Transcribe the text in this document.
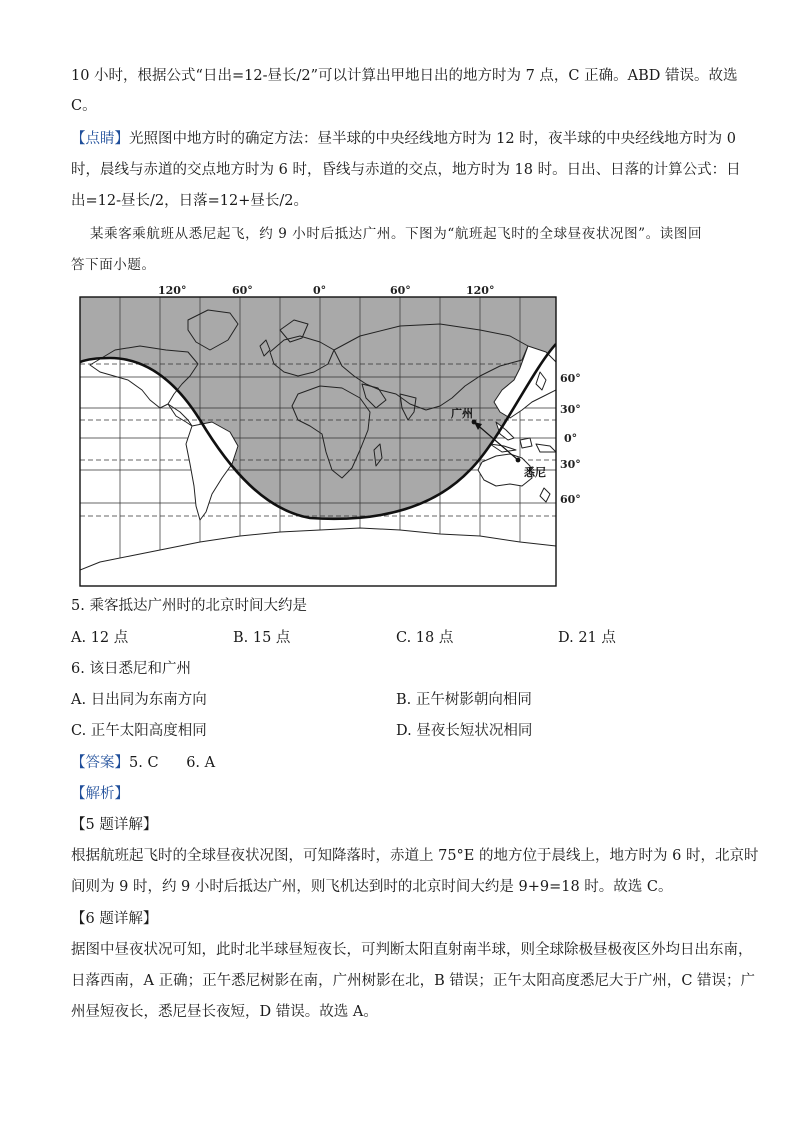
10 小时，根据公式“日出=12-昼长/2”可以计算出甲地日出的地方时为 7 点，C 正确。ABD 错误。故选
C。
【点睛】光照图中地方时的确定方法：昼半球的中央经线地方时为 12 时，夜半球的中央经线地方时为 0
时，晨线与赤道的交点地方时为 6 时，昏线与赤道的交点，地方时为 18 时。日出、日落的计算公式：日
出=12-昼长/2，日落=12+昼长/2。
某乘客乘航班从悉尼起飞，约 9 小时后抵达广州。下图为“航班起飞时的全球昼夜状况图”。读图回
答下面小题。
120°	60°	0°	60°	120°
广州
悉尼
60°
30°
0°
30°
60°
5. 乘客抵达广州时的北京时间大约是
A. 12 点	B. 15 点	C. 18 点	D. 21 点
6. 该日悉尼和广州
A. 日出同为东南方向	B. 正午树影朝向相同
C. 正午太阳高度相同	D. 昼夜长短状况相同
【答案】5. C      6. A
【解析】
【5 题详解】
根据航班起飞时的全球昼夜状况图，可知降落时，赤道上 75°E 的地方位于晨线上，地方时为 6 时，北京时
间则为 9 时，约 9 小时后抵达广州，则飞机达到时的北京时间大约是 9+9=18 时。故选 C。
【6 题详解】
据图中昼夜状况可知，此时北半球昼短夜长，可判断太阳直射南半球，则全球除极昼极夜区外均日出东南，
日落西南，A 正确；正午悉尼树影在南，广州树影在北，B 错误；正午太阳高度悉尼大于广州，C 错误；广
州昼短夜长，悉尼昼长夜短，D 错误。故选 A。
